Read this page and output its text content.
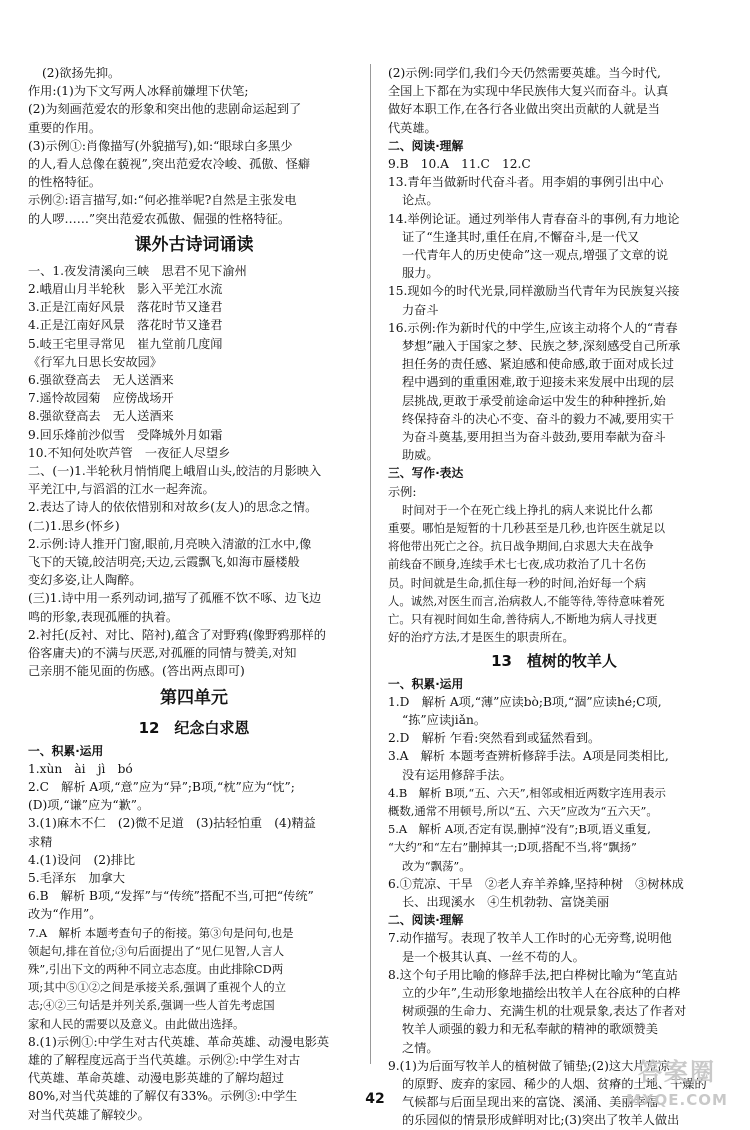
(2)欲扬先抑。
作用:(1)为下文写两人冰释前嫌埋下伏笔;
(2)为刻画范爱农的形象和突出他的悲剧命运起到了
重要的作用。
(3)示例①:肖像描写(外貌描写),如:“眼球白多黑少
的人,看人总像在藐视”,突出范爱农冷峻、孤傲、怪癖
的性格特征。
示例②:语言描写,如:“何必推举呢?自然是主张发电
的人啰……”突出范爱农孤傲、倔强的性格特征。
课外古诗词诵读
一、1.夜发清溪向三峡　思君不见下渝州
2.峨眉山月半轮秋　影入平羌江水流
3.正是江南好风景　落花时节又逢君
4.正是江南好风景　落花时节又逢君
5.岐王宅里寻常见　崔九堂前几度闻
《行军九日思长安故园》
6.强欲登高去　无人送酒来
7.遥怜故园菊　应傍战场开
8.强欲登高去　无人送酒来
9.回乐烽前沙似雪　受降城外月如霜
10.不知何处吹芦管　一夜征人尽望乡
二、(一)1.半轮秋月悄悄爬上峨眉山头,皎洁的月影映入
平羌江中,与滔滔的江水一起奔流。
2.表达了诗人的依依惜别和对故乡(友人)的思念之情。
(二)1.思乡(怀乡)
2.示例:诗人推开门窗,眼前,月亮映入清澈的江水中,像
飞下的天镜,皎洁明亮;天边,云霞飘飞,如海市蜃楼般
变幻多姿,让人陶醉。
(三)1.诗中用一系列动词,描写了孤雁不饮不啄、边飞边
鸣的形象,表现孤雁的执着。
2.衬托(反衬、对比、陪衬),蕴含了对野鸦(像野鸦那样的
俗客庸夫)的不满与厌恶,对孤雁的同情与赞美,对知
己亲朋不能见面的伤感。(答出两点即可)
第四单元
12　纪念白求恩
一、积累·运用
1.xùn　ài　jì　bó
2.C　解析 A项,“意”应为“异”;B项,“枕”应为“忱”;
(D)项,“谦”应为“歉”。
3.(1)麻木不仁　(2)微不足道　(3)拈轻怕重　(4)精益
求精
4.(1)设问　(2)排比
5.毛泽东　加拿大
6.B　解析 B项,“发挥”与“传统”搭配不当,可把“传统”
改为“作用”。
7.A　解析 本题考查句子的衔接。第③句是问句,也是
领起句,排在首位;③句后面提出了“见仁见智,人言人
殊”,引出下文的两种不同立志态度。由此排除CD两
项;其中⑤①②之间是承接关系,强调了重视个人的立
志;④②三句话是并列关系,强调一些人首先考虑国
家和人民的需要以及意义。由此做出选择。
8.(1)示例①:中学生对古代英雄、革命英雄、动漫电影英
雄的了解程度远高于当代英雄。示例②:中学生对古
代英雄、革命英雄、动漫电影英雄的了解均超过
80%,对当代英雄的了解仅有33%。示例③:中学生
对当代英雄了解较少。
(2)示例:同学们,我们今天仍然需要英雄。当今时代,
全国上下都在为实现中华民族伟大复兴而奋斗。认真
做好本职工作,在各行各业做出突出贡献的人就是当
代英雄。
二、阅读·理解
9.B　10.A　11.C　12.C
13.青年当做新时代奋斗者。用李娟的事例引出中心
论点。
14.举例论证。通过列举伟人青春奋斗的事例,有力地论
证了“生逢其时,重任在肩,不懈奋斗,是一代又
一代青年人的历史使命”这一观点,增强了文章的说
服力。
15.现如今的时代光景,同样激励当代青年为民族复兴接
力奋斗
16.示例:作为新时代的中学生,应该主动将个人的“青春
梦想”融入于国家之梦、民族之梦,深刻感受自己所承
担任务的责任感、紧迫感和使命感,敢于面对成长过
程中遇到的重重困难,敢于迎接未来发展中出现的层
层挑战,更敢于承受前途命运中发生的种种挫折,始
终保持奋斗的决心不变、奋斗的毅力不减,要用实干
为奋斗奠基,要用担当为奋斗鼓劲,要用奉献为奋斗
助威。
三、写作·表达
示例:
时间对于一个在死亡线上挣扎的病人来说比什么都
重要。哪怕是短暂的十几秒甚至是几秒,也许医生就足以
将他带出死亡之谷。抗日战争期间,白求恩大夫在战争
前线奋不顾身,连续手术七七夜,成功救治了几十名伤
员。时间就是生命,抓住每一秒的时间,治好每一个病
人。诚然,对医生而言,治病救人,不能等待,等待意味着死
亡。只有视时间如生命,善待病人,不断地为病人寻找更
好的治疗方法,才是医生的职责所在。
13　植树的牧羊人
一、积累·运用
1.D　解析 A项,“薄”应读bò;B项,“涸”应读hé;C项,
“拣”应读jiǎn。
2.D　解析 乍看:突然看到或猛然看到。
3.A　解析 本题考查辨析修辞手法。A项是同类相比,
没有运用修辞手法。
4.B　解析 B项,“五、六天”,相邻或相近两数字连用表示
概数,通常不用顿号,所以“五、六天”应改为“五六天”。
5.A　解析 A项,否定有误,删掉“没有”;B项,语义重复,
“大约”和“左右”删掉其一;D项,搭配不当,将“飘扬”
改为“飘荡”。
6.①荒凉、干旱　②老人弃羊养蜂,坚持种树　③树林成
长、出现溪水　④生机勃勃、富饶美丽
二、阅读·理解
7.动作描写。表现了牧羊人工作时的心无旁骛,说明他
是一个极其认真、一丝不苟的人。
8.这个句子用比喻的修辞手法,把白桦树比喻为“笔直站
立的少年”,生动形象地描绘出牧羊人在谷底种的白桦
树顽强的生命力、充满生机的壮观景象,表达了作者对
牧羊人顽强的毅力和无私奉献的精神的歌颂赞美
之情。
9.(1)为后面写牧羊人的植树做了铺垫;(2)这大片荒凉
的原野、废弃的家园、稀少的人烟、贫瘠的土地、干燥的
气候都与后面呈现出来的富饶、溪涌、美丽幸福
的乐园似的情景形成鲜明对比;(3)突出了牧羊人做出
42
答案圈
MXQE.COM
